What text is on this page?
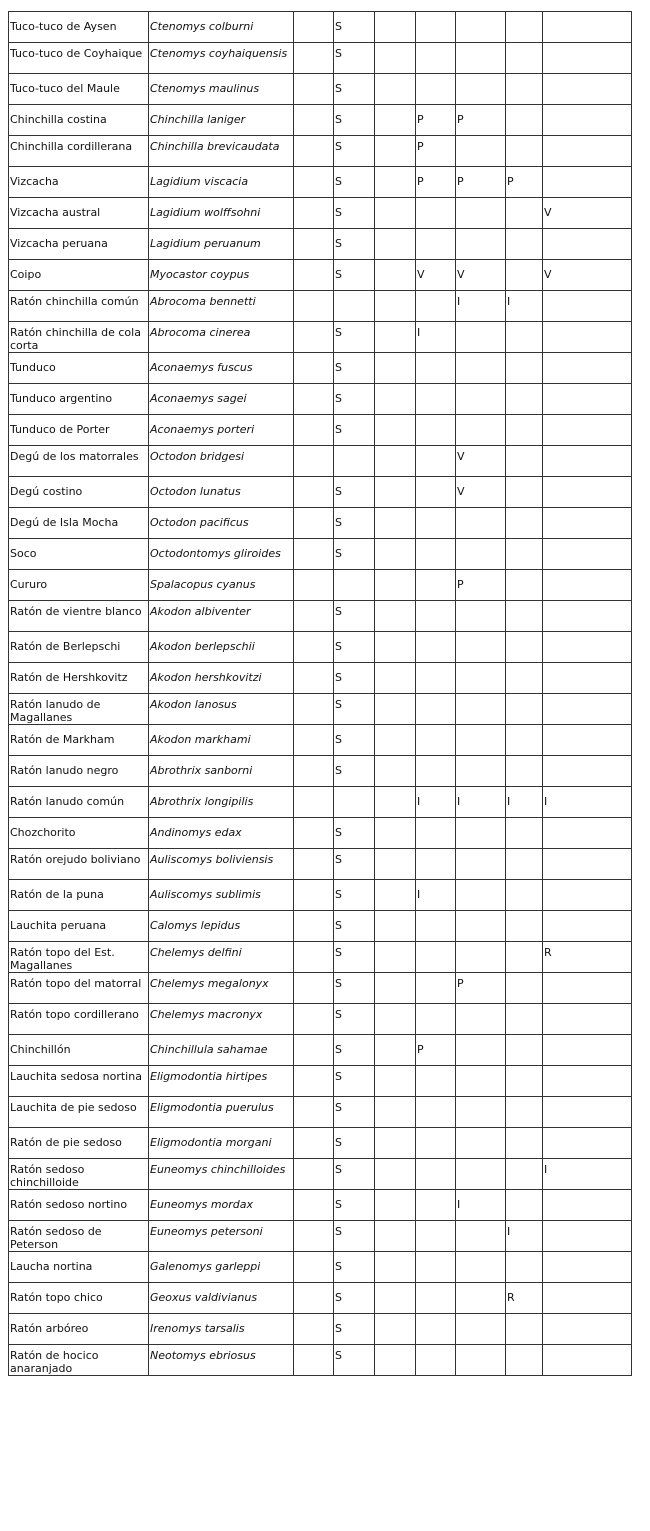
Tuco-tuco de Aysen	Ctenomys colburni		S					

Tuco-tuco de Coyhaique	Ctenomys coyhaiquensis		S					

Tuco-tuco del Maule	Ctenomys maulinus		S					

Chinchilla costina	Chinchilla laniger		S		P	P		

Chinchilla cordillerana	Chinchilla brevicaudata		S		P			

Vizcacha	Lagidium viscacia		S		P	P	P	

Vizcacha austral	Lagidium wolffsohni		S					V

Vizcacha peruana	Lagidium peruanum		S					

Coipo	Myocastor coypus		S		V	V		V

Ratón chinchilla común	Abrocoma bennetti					I	I	

Ratón chinchilla de cola corta	Abrocoma cinerea		S		I			

Tunduco	Aconaemys fuscus		S					

Tunduco argentino	Aconaemys sagei		S					

Tunduco de Porter	Aconaemys porteri		S					

Degú de los matorrales	Octodon bridgesi					V		

Degú costino	Octodon lunatus		S			V		

Degú de Isla Mocha	Octodon pacificus		S					

Soco	Octodontomys gliroides		S					

Cururo	Spalacopus cyanus					P		

Ratón de vientre blanco	Akodon albiventer		S					

Ratón de Berlepschi	Akodon berlepschii		S					

Ratón de Hershkovitz	Akodon hershkovitzi		S					

Ratón lanudo de Magallanes	Akodon lanosus		S					

Ratón de Markham	Akodon markhami		S					

Ratón lanudo negro	Abrothrix sanborni		S					

Ratón lanudo común	Abrothrix longipilis				I	I	I	I

Chozchorito	Andinomys edax		S					

Ratón orejudo boliviano	Auliscomys boliviensis		S					

Ratón de la puna	Auliscomys sublimis		S		I			

Lauchita peruana	Calomys lepidus		S					

Ratón topo del Est. Magallanes	Chelemys delfini		S					R

Ratón topo del matorral	Chelemys megalonyx		S			P		

Ratón topo cordillerano	Chelemys macronyx		S					

Chinchillón	Chinchillula sahamae		S		P			

Lauchita sedosa nortina	Eligmodontia hirtipes		S					

Lauchita de pie sedoso	Eligmodontia puerulus		S					

Ratón de pie sedoso	Eligmodontia morgani		S					

Ratón sedoso chinchilloide	Euneomys chinchilloides		S					I

Ratón sedoso nortino	Euneomys mordax		S			I		

Ratón sedoso de Peterson	Euneomys petersoni		S				I	

Laucha nortina	Galenomys garleppi		S					

Ratón topo chico	Geoxus valdivianus		S				R	

Ratón arbóreo	Irenomys tarsalis		S					

Ratón de hocico anaranjado	Neotomys ebriosus		S					
